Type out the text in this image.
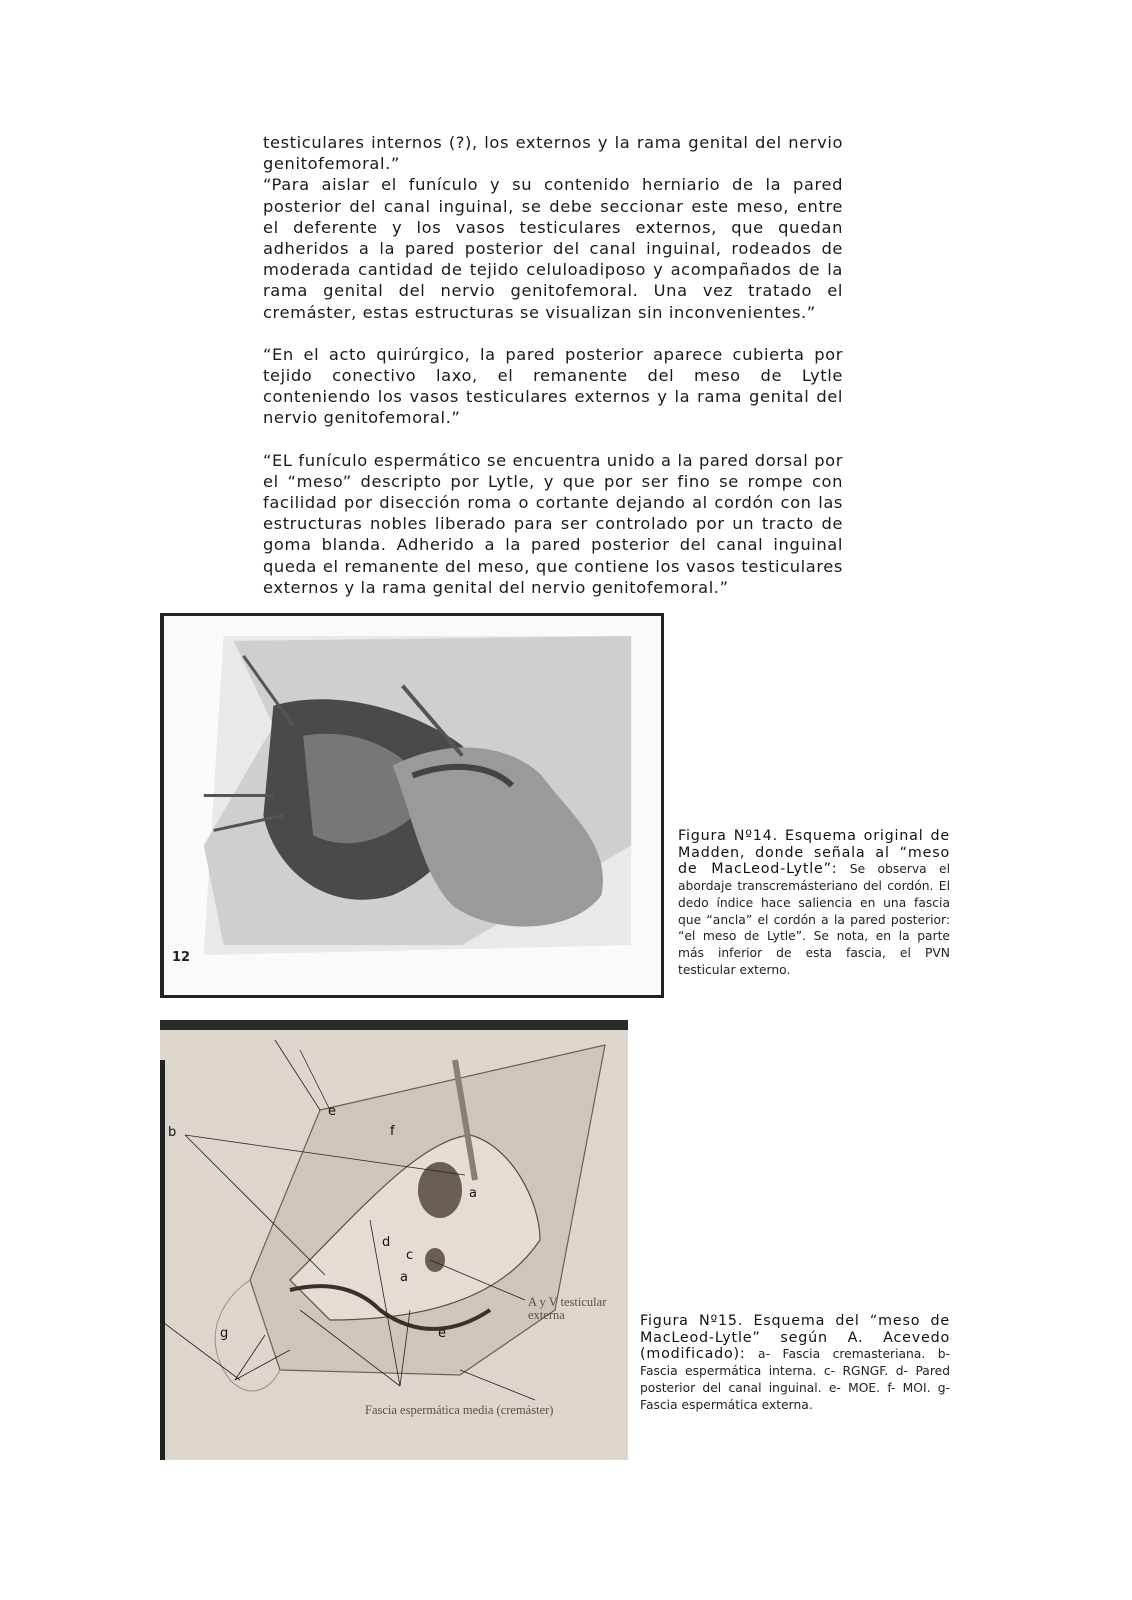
testiculares internos (?), los externos y la rama genital del nervio genitofemoral.”

“Para aislar el funículo y su contenido herniario de la pared posterior del canal inguinal, se debe seccionar este meso, entre el deferente y los vasos testiculares externos, que quedan adheridos a la pared posterior del canal inguinal, rodeados de moderada cantidad de tejido celuloadiposo y acompañados de la rama genital del nervio genitofemoral. Una vez tratado el cremáster, estas estructuras se visualizan sin inconvenientes.”

“En el acto quirúrgico, la pared posterior aparece cubierta por tejido conectivo laxo, el remanente del meso de Lytle conteniendo los vasos testiculares externos y la rama genital del nervio genitofemoral.”

“EL funículo espermático se encuentra unido a la pared dorsal por el “meso” descripto por Lytle, y que por ser fino se rompe con facilidad por disección roma o cortante dejando al cordón con las estructuras nobles liberado para ser controlado por un tracto de goma blanda. Adherido a la pared posterior del canal inguinal queda el remanente del meso, que contiene los vasos testiculares externos y la rama genital del nervio genitofemoral.”

12
Figura Nº14. Esquema original de Madden, donde señala al “meso de MacLeod-Lytle”: Se observa el abordaje transcremásteriano del cordón. El dedo índice hace saliencia en una fascia que “ancla” el cordón a la pared posterior: “el meso de Lytle”. Se nota, en la parte más inferior de esta fascia, el PVN testicular externo.
b
e
f
a
d
c
a
g	e
A y V testicular externa
Fascia espermática media (cremáster)
Figura Nº15. Esquema del “meso de MacLeod-Lytle” según A. Acevedo (modificado): a- Fascia cremasteriana. b- Fascia espermática interna. c- RGNGF. d- Pared posterior del canal inguinal. e- MOE. f- MOI. g- Fascia espermática externa.
